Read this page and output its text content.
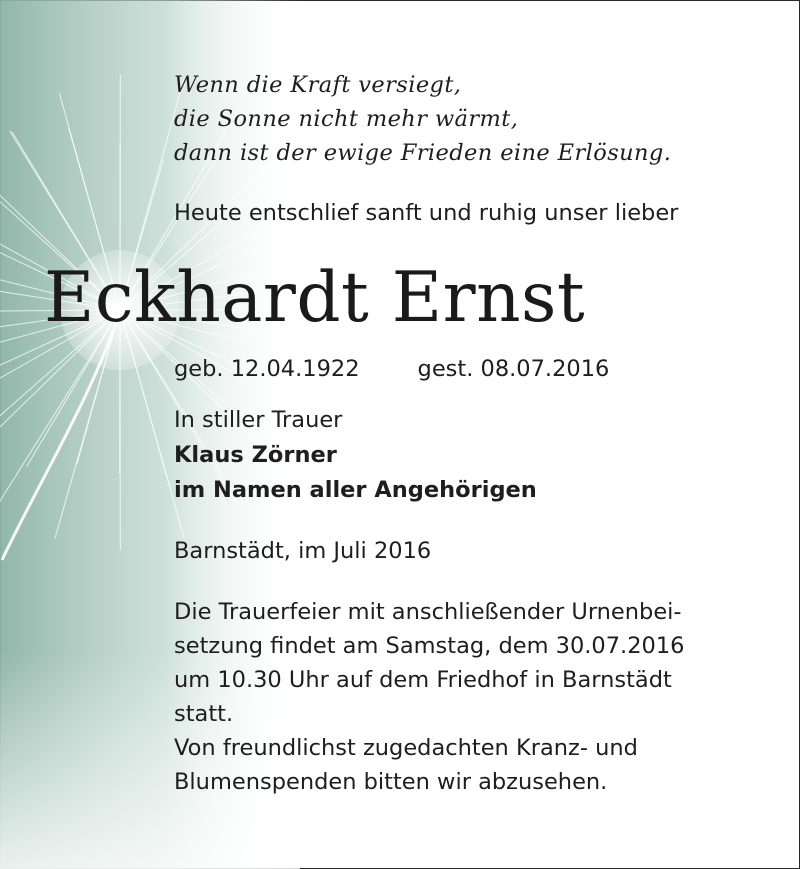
Wenn die Kraft versiegt,
die Sonne nicht mehr wärmt,
dann ist der ewige Frieden eine Erlösung.
Heute entschlief sanft und ruhig unser lieber
Eckhardt Ernst
geb. 12.04.1922	gest. 08.07.2016
In stiller Trauer
Klaus Zörner
im Namen aller Angehörigen
Barnstädt, im Juli 2016
Die Trauerfeier mit anschließender Urnenbei-
setzung findet am Samstag, dem 30.07.2016
um 10.30 Uhr auf dem Friedhof in Barnstädt
statt.
Von freundlichst zugedachten Kranz- und
Blumenspenden bitten wir abzusehen.
